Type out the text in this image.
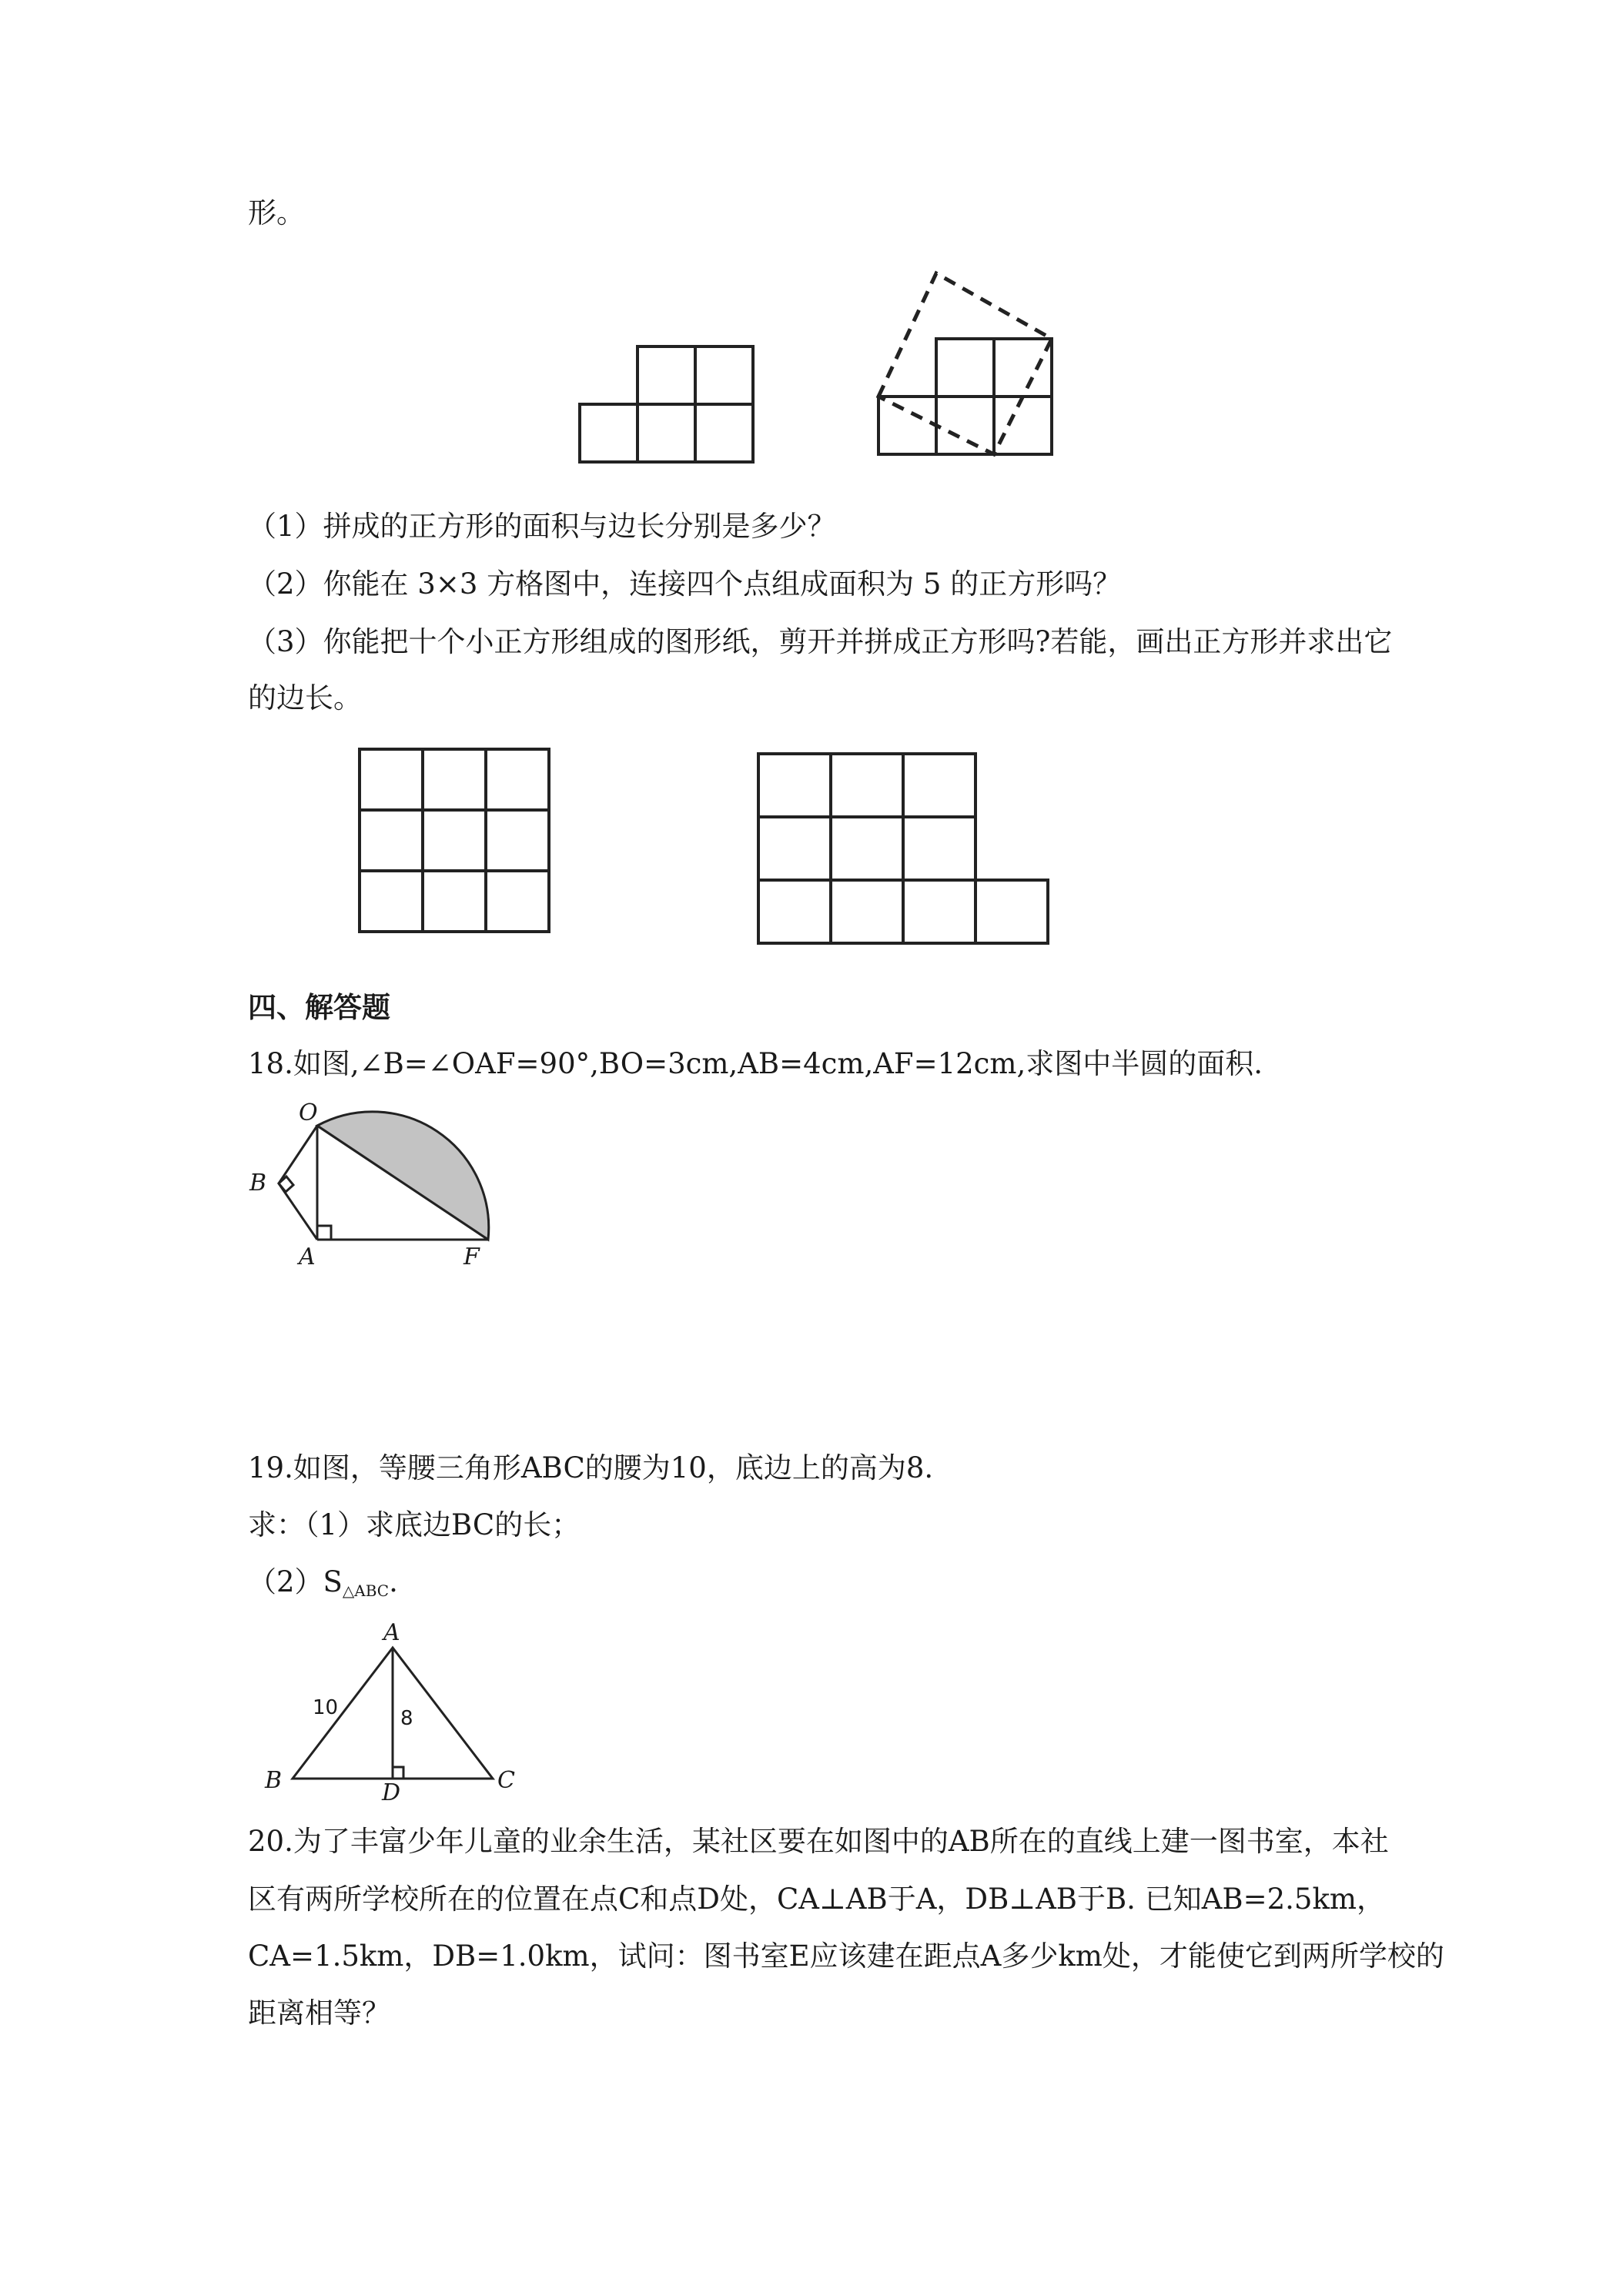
形。
（1）拼成的正方形的面积与边长分别是多少？
（2）你能在 3×3 方格图中，连接四个点组成面积为 5 的正方形吗？
（3）你能把十个小正方形组成的图形纸，剪开并拼成正方形吗?若能，画出正方形并求出它
的边长。
四、解答题
18.如图,∠B=∠OAF=90°,BO=3cm,AB=4cm,AF=12cm,求图中半圆的面积.
O
B
A	F
19.如图，等腰三角形ABC的腰为10，底边上的高为8.
求：（1）求底边BC的长；
$(2)S_{\triangle ABC}$.
A
B	C
D
10	8
20.为了丰富少年儿童的业余生活，某社区要在如图中的AB所在的直线上建一图书室，本社
区有两所学校所在的位置在点C和点D处，CA⊥AB于A，DB⊥AB于B. 已知AB=2.5km，
CA=1.5km，DB=1.0km，试问：图书室E应该建在距点A多少km处，才能使它到两所学校的
距离相等？
